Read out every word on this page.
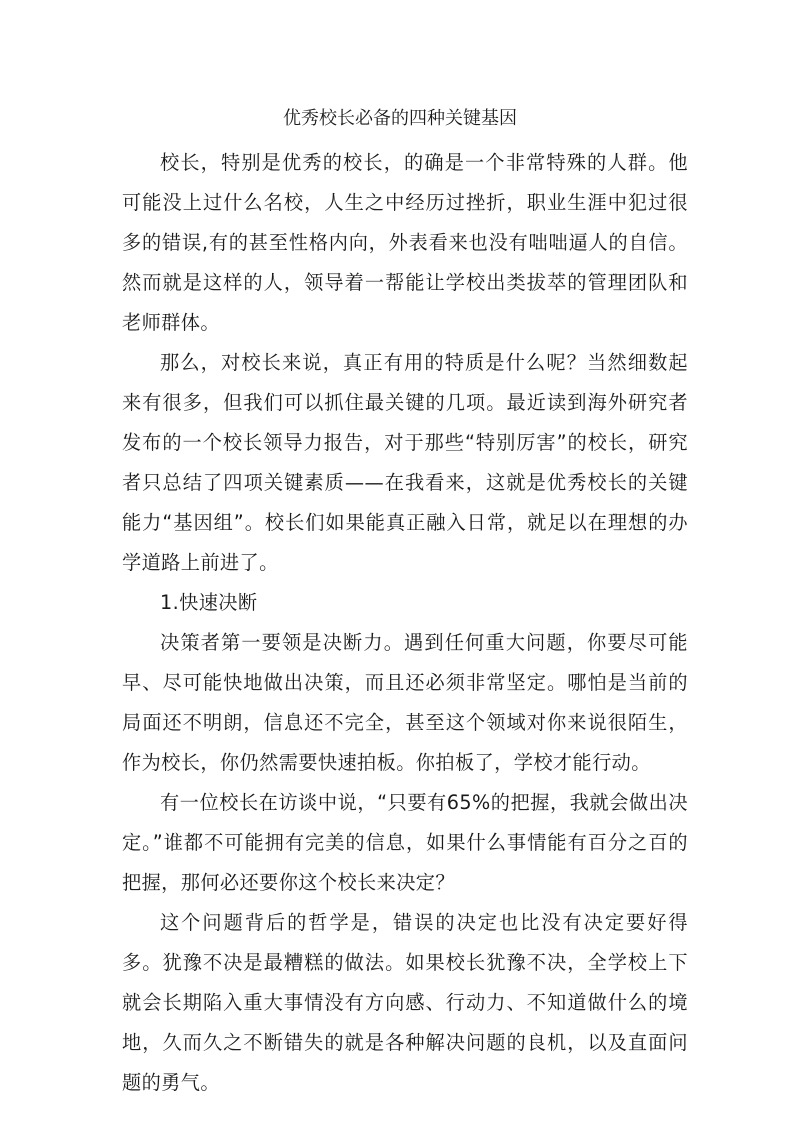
优秀校长必备的四种关键基因

校长，特别是优秀的校长，的确是一个非常特殊的人群。他可能没上过什么名校，人生之中经历过挫折，职业生涯中犯过很多的错误,有的甚至性格内向，外表看来也没有咄咄逼人的自信。然而就是这样的人，领导着一帮能让学校出类拔萃的管理团队和老师群体。

那么，对校长来说，真正有用的特质是什么呢？当然细数起来有很多，但我们可以抓住最关键的几项。最近读到海外研究者发布的一个校长领导力报告，对于那些“特别厉害”的校长，研究者只总结了四项关键素质——在我看来，这就是优秀校长的关键能力“基因组”。校长们如果能真正融入日常，就足以在理想的办学道路上前进了。

1.快速决断

决策者第一要领是决断力。遇到任何重大问题，你要尽可能早、尽可能快地做出决策，而且还必须非常坚定。哪怕是当前的局面还不明朗，信息还不完全，甚至这个领域对你来说很陌生，作为校长，你仍然需要快速拍板。你拍板了，学校才能行动。

有一位校长在访谈中说，“只要有65%的把握，我就会做出决定。”谁都不可能拥有完美的信息，如果什么事情能有百分之百的把握，那何必还要你这个校长来决定？

这个问题背后的哲学是，错误的决定也比没有决定要好得多。犹豫不决是最糟糕的做法。如果校长犹豫不决，全学校上下就会长期陷入重大事情没有方向感、行动力、不知道做什么的境地，久而久之不断错失的就是各种解决问题的良机，以及直面问题的勇气。
